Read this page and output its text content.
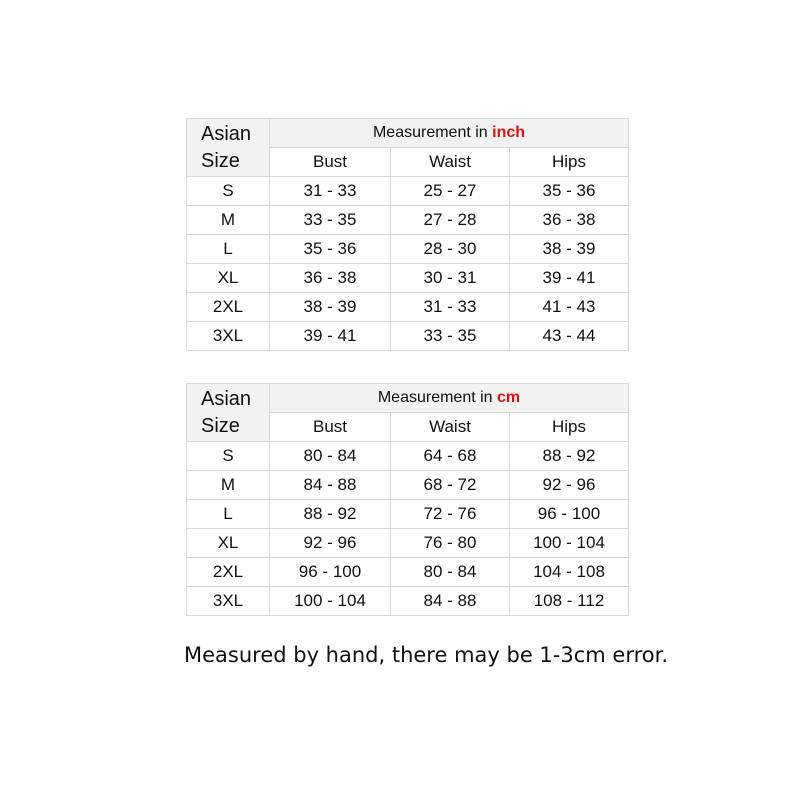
Asian
Size	Measurement in inch		
	Bust	Waist	Hips
S	31 - 33	25 - 27	35 - 36
M	33 - 35	27 - 28	36 - 38
L	35 - 36	28 - 30	38 - 39
XL	36 - 38	30 - 31	39 - 41
2XL	38 - 39	31 - 33	41 - 43
3XL	39 - 41	33 - 35	43 - 44
Asian
Size	Measurement in cm		
	Bust	Waist	Hips
S	80 - 84	64 - 68	88 - 92
M	84 - 88	68 - 72	92 - 96
L	88 - 92	72 - 76	96 - 100
XL	92 - 96	76 - 80	100 - 104
2XL	96 - 100	80 - 84	104 - 108
3XL	100 - 104	84 - 88	108 - 112
Measured by hand, there may be 1-3cm error.
